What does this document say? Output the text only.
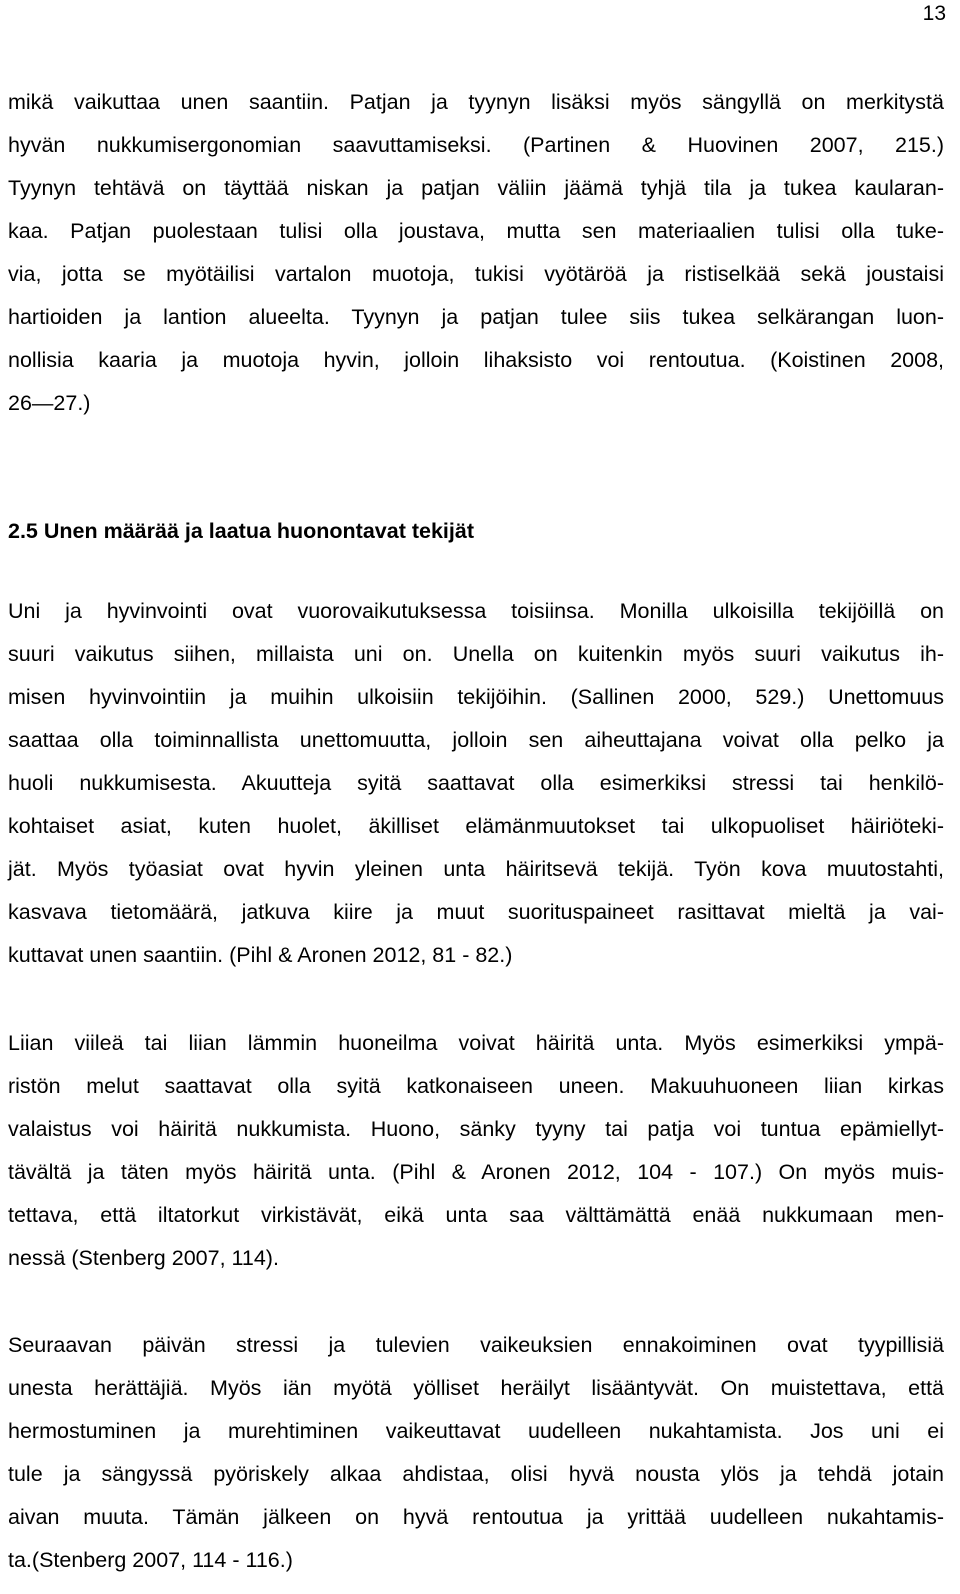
13
mikä vaikuttaa unen saantiin. Patjan ja tyynyn lisäksi myös sängyllä on merkitystä
hyvän nukkumisergonomian saavuttamiseksi. (Partinen & Huovinen 2007, 215.)
Tyynyn tehtävä on täyttää niskan ja patjan väliin jäämä tyhjä tila ja tukea kaularan-
kaa. Patjan puolestaan tulisi olla joustava, mutta sen materiaalien tulisi olla tuke-
via, jotta se myötäilisi vartalon muotoja, tukisi vyötäröä ja ristiselkää sekä joustaisi
hartioiden ja lantion alueelta. Tyynyn ja patjan tulee siis tukea selkärangan luon-
nollisia kaaria ja muotoja hyvin, jolloin lihaksisto voi rentoutua. (Koistinen 2008,
26—27.)
2.5 Unen määrää ja laatua huonontavat tekijät
Uni ja hyvinvointi ovat vuorovaikutuksessa toisiinsa. Monilla ulkoisilla tekijöillä on
suuri vaikutus siihen, millaista uni on. Unella on kuitenkin myös suuri vaikutus ih-
misen hyvinvointiin ja muihin ulkoisiin tekijöihin. (Sallinen 2000, 529.) Unettomuus
saattaa olla toiminnallista unettomuutta, jolloin sen aiheuttajana voivat olla pelko ja
huoli nukkumisesta. Akuutteja syitä saattavat olla esimerkiksi stressi tai henkilö-
kohtaiset asiat, kuten huolet, äkilliset elämänmuutokset tai ulkopuoliset häiriöteki-
jät. Myös työasiat ovat hyvin yleinen unta häiritsevä tekijä. Työn kova muutostahti,
kasvava tietomäärä, jatkuva kiire ja muut suorituspaineet rasittavat mieltä ja vai-
kuttavat unen saantiin. (Pihl & Aronen 2012, 81 - 82.)
Liian viileä tai liian lämmin huoneilma voivat häiritä unta. Myös esimerkiksi ympä-
ristön melut saattavat olla syitä katkonaiseen uneen. Makuuhuoneen liian kirkas
valaistus voi häiritä nukkumista. Huono, sänky tyyny tai patja voi tuntua epämiellyt-
tävältä ja täten myös häiritä unta. (Pihl & Aronen 2012, 104 - 107.) On myös muis-
tettava, että iltatorkut virkistävät, eikä unta saa välttämättä enää nukkumaan men-
nessä (Stenberg 2007, 114).
Seuraavan päivän stressi ja tulevien vaikeuksien ennakoiminen ovat tyypillisiä
unesta herättäjiä. Myös iän myötä yölliset heräilyt lisääntyvät. On muistettava, että
hermostuminen ja murehtiminen vaikeuttavat uudelleen nukahtamista. Jos uni ei
tule ja sängyssä pyöriskely alkaa ahdistaa, olisi hyvä nousta ylös ja tehdä jotain
aivan muuta. Tämän jälkeen on hyvä rentoutua ja yrittää uudelleen nukahtamis-
ta.(Stenberg 2007, 114 - 116.)
